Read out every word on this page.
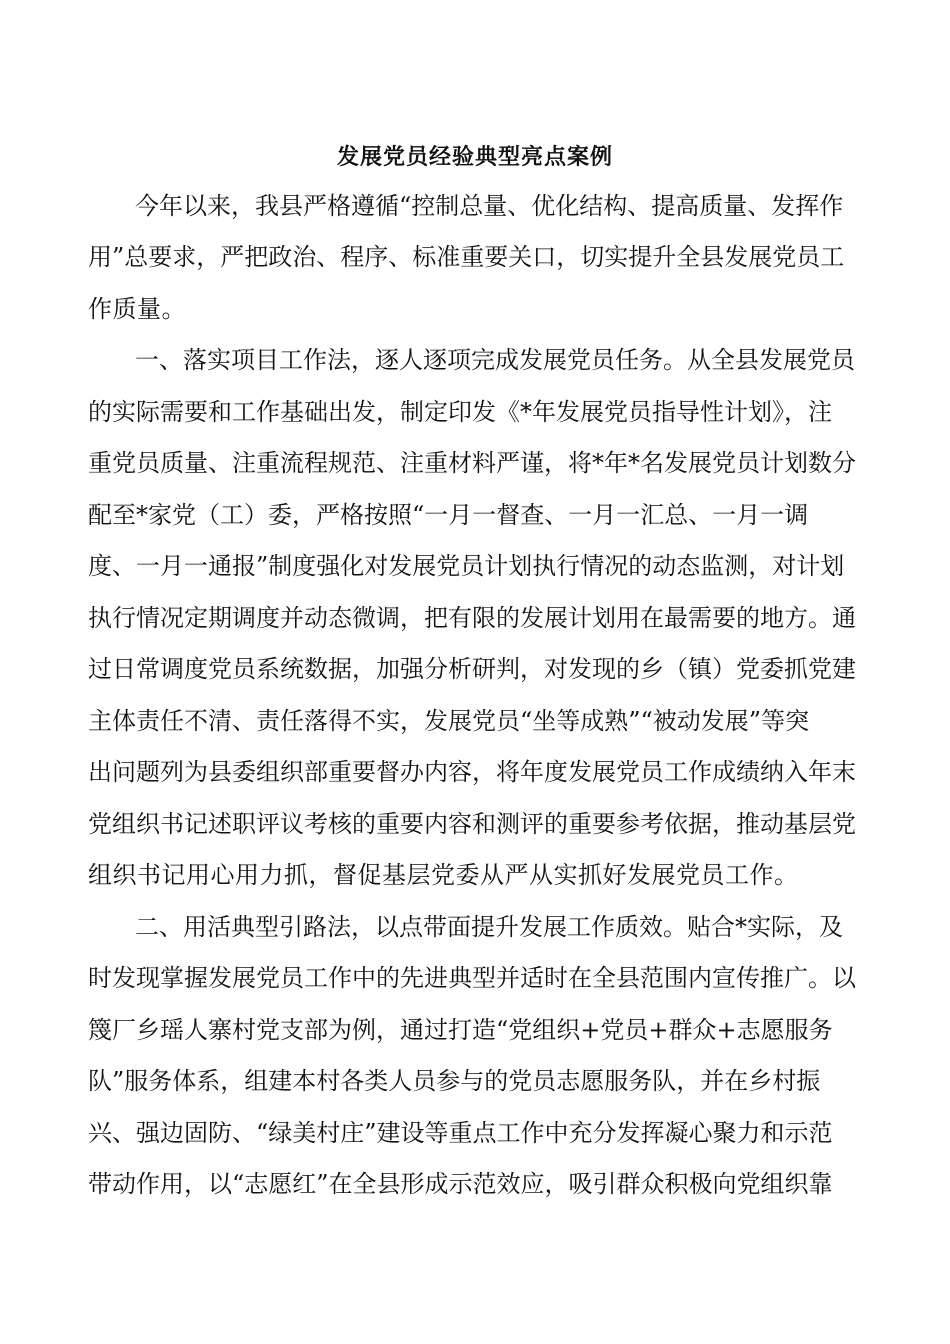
发展党员经验典型亮点案例
今年以来，我县严格遵循“控制总量、优化结构、提高质量、发挥作
用”总要求，严把政治、程序、标准重要关口，切实提升全县发展党员工
作质量。
一、落实项目工作法，逐人逐项完成发展党员任务。从全县发展党员
的实际需要和工作基础出发，制定印发《*年发展党员指导性计划》，注
重党员质量、注重流程规范、注重材料严谨，将*年*名发展党员计划数分
配至*家党（工）委，严格按照“一月一督查、一月一汇总、一月一调
度、一月一通报”制度强化对发展党员计划执行情况的动态监测，对计划
执行情况定期调度并动态微调，把有限的发展计划用在最需要的地方。通
过日常调度党员系统数据，加强分析研判，对发现的乡（镇）党委抓党建
主体责任不清、责任落得不实，发展党员“坐等成熟”“被动发展”等突
出问题列为县委组织部重要督办内容，将年度发展党员工作成绩纳入年末
党组织书记述职评议考核的重要内容和测评的重要参考依据，推动基层党
组织书记用心用力抓，督促基层党委从严从实抓好发展党员工作。
二、用活典型引路法，以点带面提升发展工作质效。贴合*实际，及
时发现掌握发展党员工作中的先进典型并适时在全县范围内宣传推广。以
篾厂乡瑶人寨村党支部为例，通过打造“党组织+党员+群众+志愿服务
队”服务体系，组建本村各类人员参与的党员志愿服务队，并在乡村振
兴、强边固防、“绿美村庄”建设等重点工作中充分发挥凝心聚力和示范
带动作用，以“志愿红”在全县形成示范效应，吸引群众积极向党组织靠
